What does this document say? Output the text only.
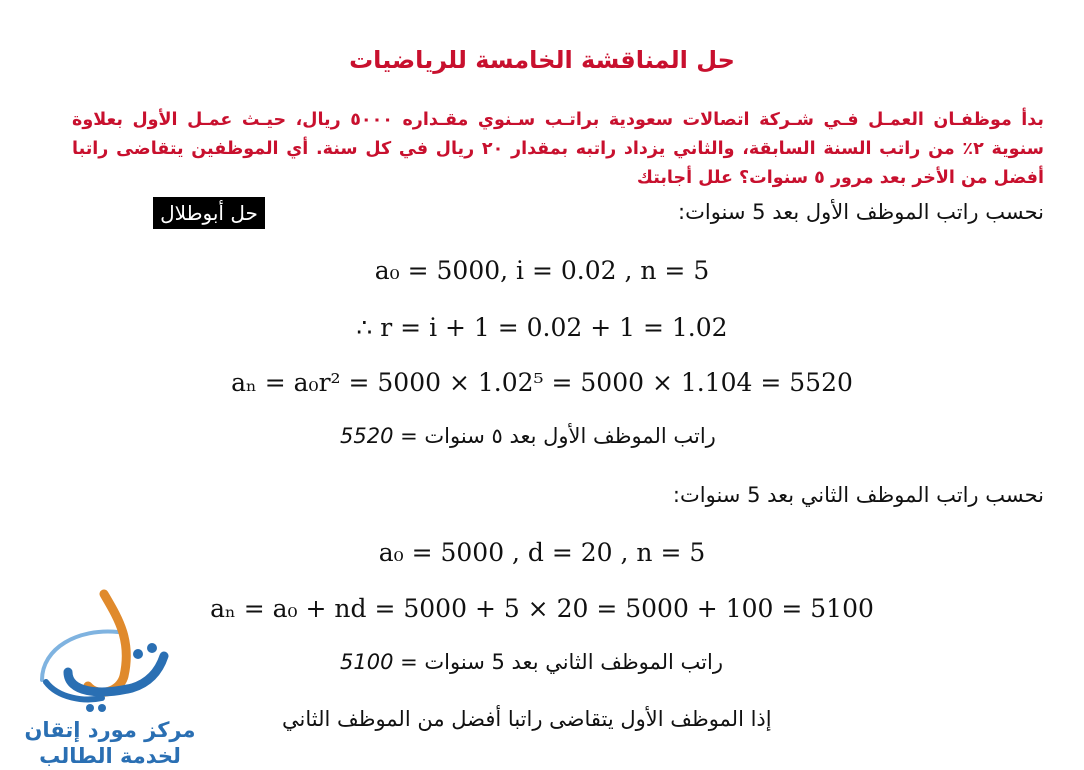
حل المناقشة الخامسة للرياضيات
بدأ موظفـان العمـل فـي شـركة اتصالات سعودية براتـب سـنوي مقـداره ٥٠٠٠ ريال، حيـث عمـل الأول بعلاوة سنوية ٢٪ من راتب السنة السابقة، والثاني يزداد راتبه بمقدار ٢٠ ريال في كل سنة. أي الموظفين يتقاضى راتبا أفضل من الأخر بعد مرور ٥ سنوات؟ علل أجابتك
حل أبوطلال	نحسب راتب الموظف الأول بعد 5 سنوات:
a₀ = 5000, i = 0.02 , n = 5
∴ r = i + 1 = 0.02 + 1 = 1.02
aₙ = a₀r² = 5000 × 1.02⁵ = 5000 × 1.104 = 5520
راتب الموظف الأول بعد ٥ سنوات = 5520
نحسب راتب الموظف الثاني بعد 5 سنوات:
a₀ = 5000 , d = 20 , n = 5
aₙ = a₀ + nd = 5000 + 5 × 20 = 5000 + 100 = 5100
راتب الموظف الثاني بعد 5 سنوات = 5100
إذا الموظف الأول يتقاضى راتبا أفضل من الموظف الثاني
مركز مورد إتقان
لخدمة الطالب
